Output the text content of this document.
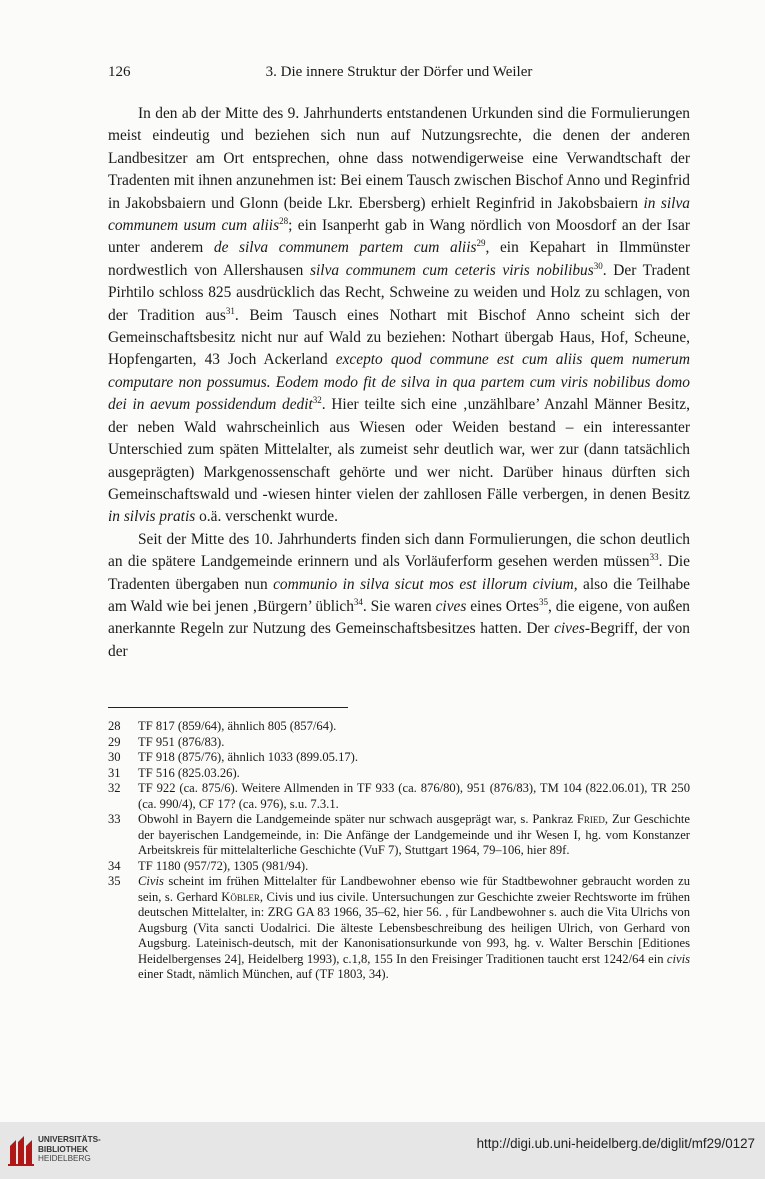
126	3. Die innere Struktur der Dörfer und Weiler

In den ab der Mitte des 9. Jahrhunderts entstandenen Urkunden sind die Formulierungen meist eindeutig und beziehen sich nun auf Nutzungsrechte, die denen der anderen Landbesitzer am Ort entsprechen, ohne dass notwendigerweise eine Verwandtschaft der Tradenten mit ihnen anzunehmen ist: Bei einem Tausch zwischen Bischof Anno und Reginfrid in Jakobsbaiern und Glonn (beide Lkr. Ebersberg) erhielt Reginfrid in Jakobsbaiern in silva communem usum cum aliis$^{28}$; ein Isanperht gab in Wang nördlich von Moosdorf an der Isar unter anderem de silva communem partem cum aliis$^{29}$, ein Kepahart in Ilmmünster nordwestlich von Allershausen silva communem cum ceteris viris nobilibus$^{30}$. Der Tradent Pirhtilo schloss 825 ausdrücklich das Recht, Schweine zu weiden und Holz zu schlagen, von der Tradition aus$^{31}$. Beim Tausch eines Nothart mit Bischof Anno scheint sich der Gemeinschaftsbesitz nicht nur auf Wald zu beziehen: Nothart übergab Haus, Hof, Scheune, Hopfengarten, 43 Joch Ackerland excepto quod commune est cum aliis quem numerum computare non possumus. Eodem modo fit de silva in qua partem cum viris nobilibus domo dei in aevum possidendum dedit$^{32}$. Hier teilte sich eine ‚unzählbare’ Anzahl Männer Besitz, der neben Wald wahrscheinlich aus Wiesen oder Weiden bestand – ein interessanter Unterschied zum späten Mittelalter, als zumeist sehr deutlich war, wer zur (dann tatsächlich ausgeprägten) Markgenossenschaft gehörte und wer nicht. Darüber hinaus dürften sich Gemeinschaftswald und -wiesen hinter vielen der zahllosen Fälle verbergen, in denen Besitz in silvis pratis o.ä. verschenkt wurde.

Seit der Mitte des 10. Jahrhunderts finden sich dann Formulierungen, die schon deutlich an die spätere Landgemeinde erinnern und als Vorläuferform gesehen werden müssen$^{33}$. Die Tradenten übergaben nun communio in silva sicut mos est illorum civium, also die Teilhabe am Wald wie bei jenen ‚Bürgern’ üblich$^{34}$. Sie waren cives eines Ortes$^{35}$, die eigene, von außen anerkannte Regeln zur Nutzung des Gemeinschaftsbesitzes hatten. Der cives-Begriff, der von der

28	TF 817 (859/64), ähnlich 805 (857/64).
29	TF 951 (876/83).
30	TF 918 (875/76), ähnlich 1033 (899.05.17).
31	TF 516 (825.03.26).
32	TF 922 (ca. 875/6). Weitere Allmenden in TF 933 (ca. 876/80), 951 (876/83), TM 104 (822.06.01), TR 250 (ca. 990/4), CF 17? (ca. 976), s.u. 7.3.1.
33	Obwohl in Bayern die Landgemeinde später nur schwach ausgeprägt war, s. Pankraz Fried, Zur Geschichte der bayerischen Landgemeinde, in: Die Anfänge der Landgemeinde und ihr Wesen I, hg. vom Konstanzer Arbeitskreis für mittelalterliche Geschichte (VuF 7), Stuttgart 1964, 79–106, hier 89f.
34	TF 1180 (957/72), 1305 (981/94).
35	Civis scheint im frühen Mittelalter für Landbewohner ebenso wie für Stadtbewohner gebraucht worden zu sein, s. Gerhard Köbler, Civis und ius civile. Untersuchungen zur Geschichte zweier Rechtsworte im frühen deutschen Mittelalter, in: ZRG GA 83 1966, 35–62, hier 56. , für Landbewohner s. auch die Vita Ulrichs von Augsburg (Vita sancti Uodalrici. Die älteste Lebensbeschreibung des heiligen Ulrich, von Gerhard von Augsburg. Lateinisch-deutsch, mit der Kanonisationsurkunde von 993, hg. v. Walter Berschin [Editiones Heidelbergenses 24], Heidelberg 1993), c.1,8, 155 In den Freisinger Traditionen taucht erst 1242/64 ein civis einer Stadt, nämlich München, auf (TF 1803, 34).
UNIVERSITÄTS-
BIBLIOTHEK
HEIDELBERG
http://digi.ub.uni-heidelberg.de/diglit/mf29/0127
